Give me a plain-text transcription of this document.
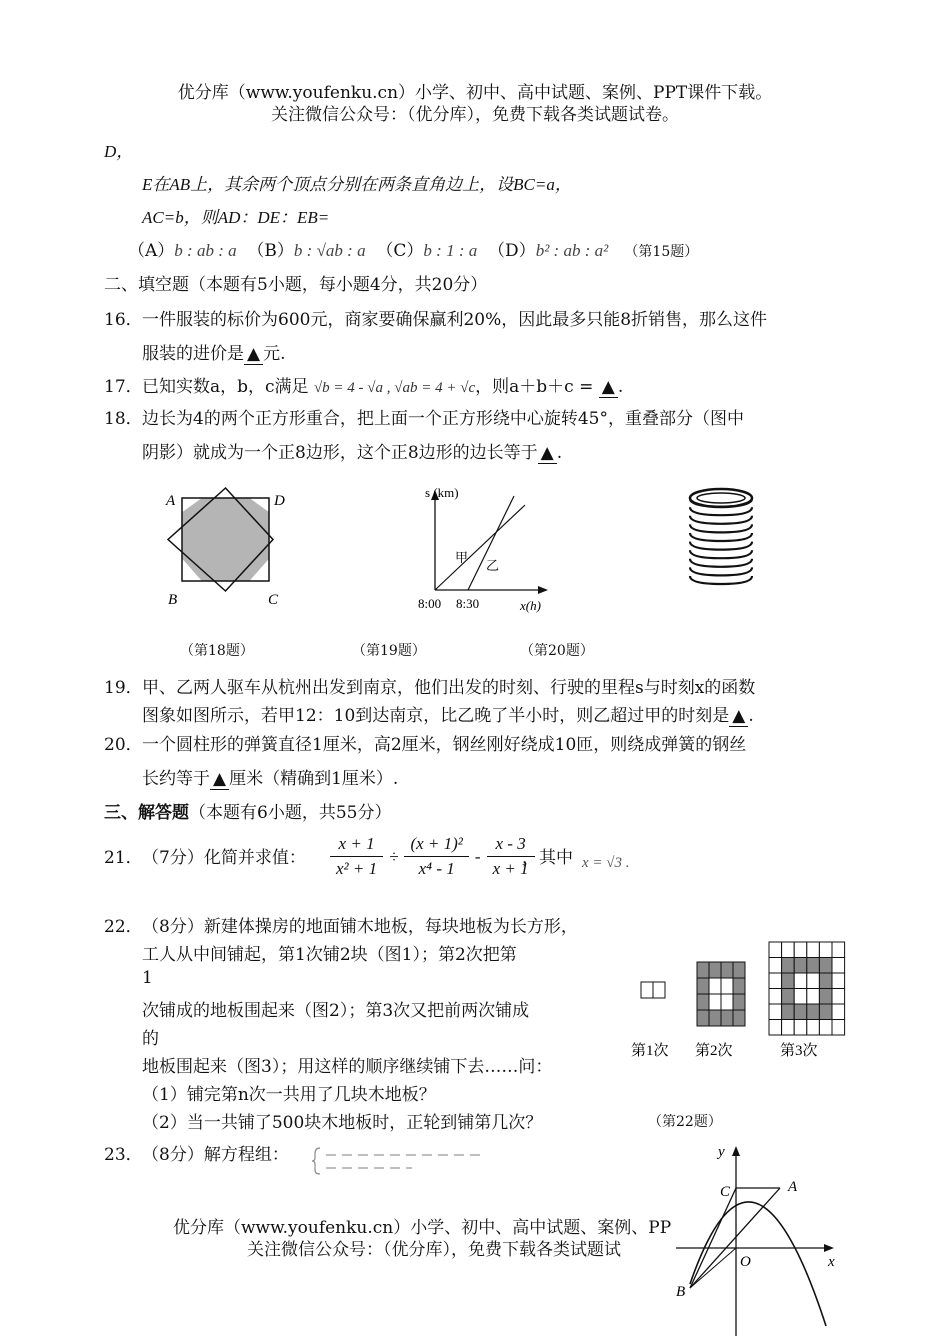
优分库（www.youfenku.cn）小学、初中、高中试题、案例、PPT课件下载。
关注微信公众号：（优分库），免费下载各类试题试卷。
D，
E在AB上，其余两个顶点分别在两条直角边上，设BC=a，
AC=b，则AD：DE：EB=
（A）b : ab : a （B）b : √ab : a （C）b : 1 : a （D）b² : ab : a² （第15题）
二、填空题（本题有5小题，每小题4分，共20分）
16． 一件服装的标价为600元，商家要确保赢利20%，因此最多只能8折销售，那么这件
服装的进价是 ▲ 元.
17． 已知实数a，b，c满足 √b = 4 - √a , √ab = 4 + √c，则a＋b＋c = ▲ .
18． 边长为4的两个正方形重合，把上面一个正方形绕中心旋转45°，重叠部分（图中
阴影）就成为一个正8边形，这个正8边形的边长等于 ▲ .
A	D
B	C
s (km)
x(h)
8:00 8:30
甲
乙
（第18题）	（第19题）	（第20题）
19． 甲、乙两人驱车从杭州出发到南京，他们出发的时刻、行驶的里程s与时刻x的函数
图象如图所示，若甲12：10到达南京，比乙晚了半小时，则乙超过甲的时刻是 ▲ .
20． 一个圆柱形的弹簧直径1厘米，高2厘米，钢丝刚好绕成10匝，则绕成弹簧的钢丝
长约等于 ▲ 厘米（精确到1厘米）.
三、解答题（本题有6小题，共55分）
21． （7分）化简并求值： $\frac{x + 1}{\text{x² + 1}} \div \frac{\text{(x + 1)²}}{\text{x⁴ - 1}} - \frac{x - 3}{x + 1}$
，其中 x = √3 .
22． （8分）新建体操房的地面铺木地板，每块地板为长方形，
工人从中间铺起，第1次铺2块（图1）；第2次把第
1
次铺成的地板围起来（图2）；第3次又把前两次铺成
的
地板围起来（图3）；用这样的顺序继续铺下去……问：
（1）铺完第n次一共用了几块木地板？
（2）当一共铺了500块木地板时，正轮到铺第几次？	（第22题）
第1次 第2次	第3次
23． （8分）解方程组：	y
x
C	A
O
B
优分库（www.youfenku.cn）小学、初中、高中试题、案例、PP
关注微信公众号：（优分库），免费下载各类试题试
